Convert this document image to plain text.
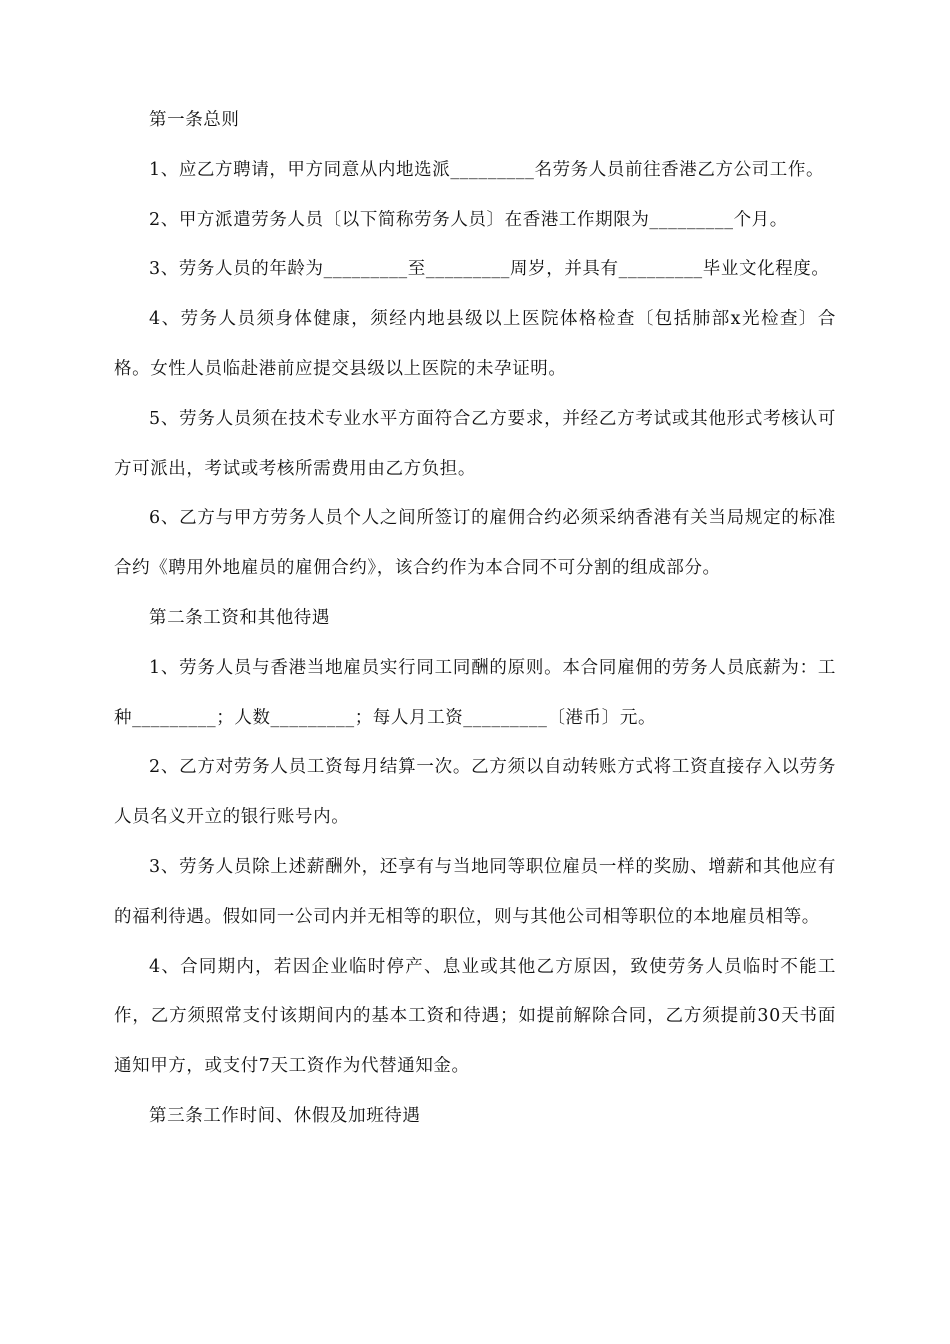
第一条总则

1、应乙方聘请，甲方同意从内地选派_________名劳务人员前往香港乙方公司工作。

2、甲方派遣劳务人员〔以下简称劳务人员〕在香港工作期限为_________个月。

3、劳务人员的年龄为_________至_________周岁，并具有_________毕业文化程度。

4、劳务人员须身体健康，须经内地县级以上医院体格检查〔包括肺部x光检查〕合格。女性人员临赴港前应提交县级以上医院的未孕证明。

5、劳务人员须在技术专业水平方面符合乙方要求，并经乙方考试或其他形式考核认可方可派出，考试或考核所需费用由乙方负担。

6、乙方与甲方劳务人员个人之间所签订的雇佣合约必须采纳香港有关当局规定的标准合约《聘用外地雇员的雇佣合约》，该合约作为本合同不可分割的组成部分。

第二条工资和其他待遇

1、劳务人员与香港当地雇员实行同工同酬的原则。本合同雇佣的劳务人员底薪为：工种_________；人数_________；每人月工资_________〔港币〕元。

2、乙方对劳务人员工资每月结算一次。乙方须以自动转账方式将工资直接存入以劳务人员名义开立的银行账号内。

3、劳务人员除上述薪酬外，还享有与当地同等职位雇员一样的奖励、增薪和其他应有的福利待遇。假如同一公司内并无相等的职位，则与其他公司相等职位的本地雇员相等。

4、合同期内，若因企业临时停产、息业或其他乙方原因，致使劳务人员临时不能工作，乙方须照常支付该期间内的基本工资和待遇；如提前解除合同，乙方须提前30天书面通知甲方，或支付7天工资作为代替通知金。

第三条工作时间、休假及加班待遇
